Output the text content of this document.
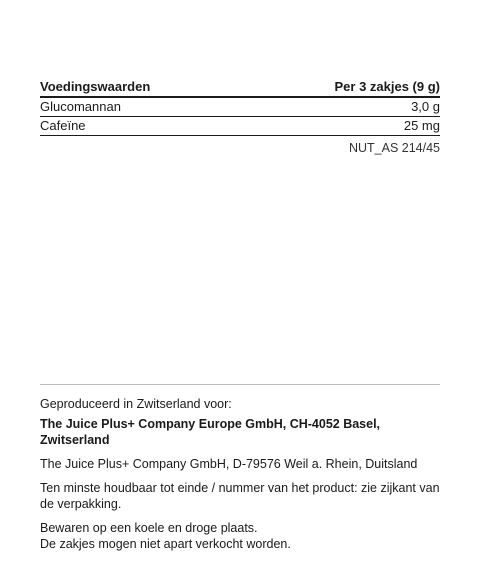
Voedingswaarden	Per 3 zakjes (9 g)
Glucomannan	3,0 g
Cafeïne	25 mg
NUT_AS 214/45

Geproduceerd in Zwitserland voor:

The Juice Plus+ Company Europe GmbH, CH-4052 Basel, Zwitserland

The Juice Plus+ Company GmbH, D-79576 Weil a. Rhein, Duitsland

Ten minste houdbaar tot einde / nummer van het product: zie zijkant van de verpakking.

Bewaren op een koele en droge plaats.

De zakjes mogen niet apart verkocht worden.
